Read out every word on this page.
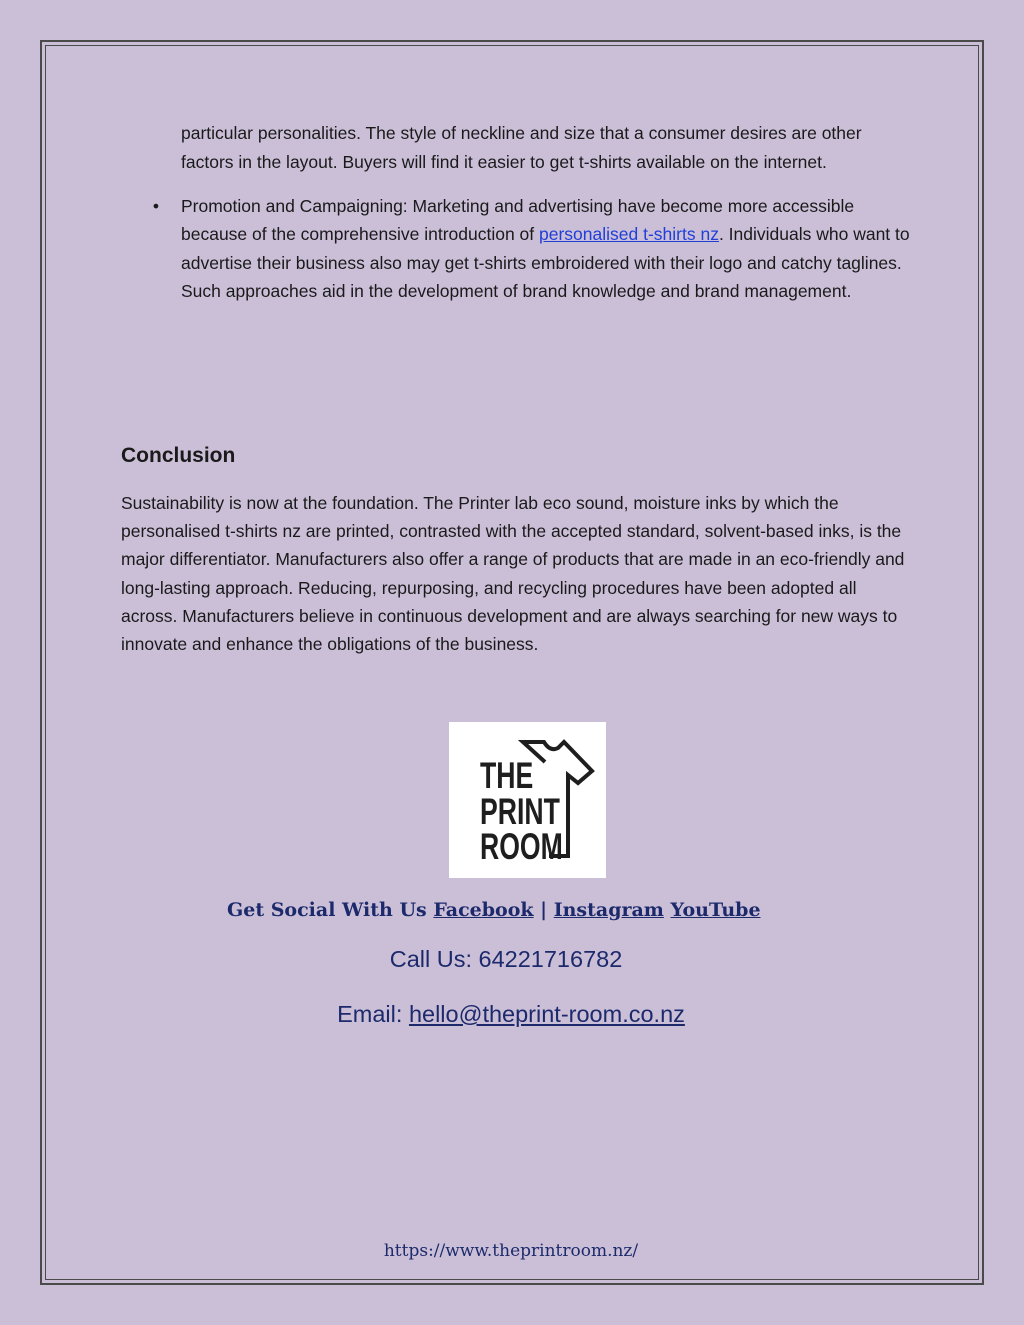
particular personalities. The style of neckline and size that a consumer desires are other factors in the layout. Buyers will find it easier to get t-shirts available on the internet.

• Promotion and Campaigning: Marketing and advertising have become more accessible because of the comprehensive introduction of personalised t-shirts nz. Individuals who want to advertise their business also may get t-shirts embroidered with their logo and catchy taglines. Such approaches aid in the development of brand knowledge and brand management.
Conclusion

Sustainability is now at the foundation. The Printer lab eco sound, moisture inks by which the personalised t-shirts nz are printed, contrasted with the accepted standard, solvent-based inks, is the major differentiator. Manufacturers also offer a range of products that are made in an eco-friendly and long-lasting approach. Reducing, repurposing, and recycling procedures have been adopted all across. Manufacturers believe in continuous development and are always searching for new ways to innovate and enhance the obligations of the business.

THE
PRINT
ROOM

Get Social With Us Facebook | Instagram YouTube

Call Us: 64221716782

Email: hello@theprint-room.co.nz

https://www.theprintroom.nz/
